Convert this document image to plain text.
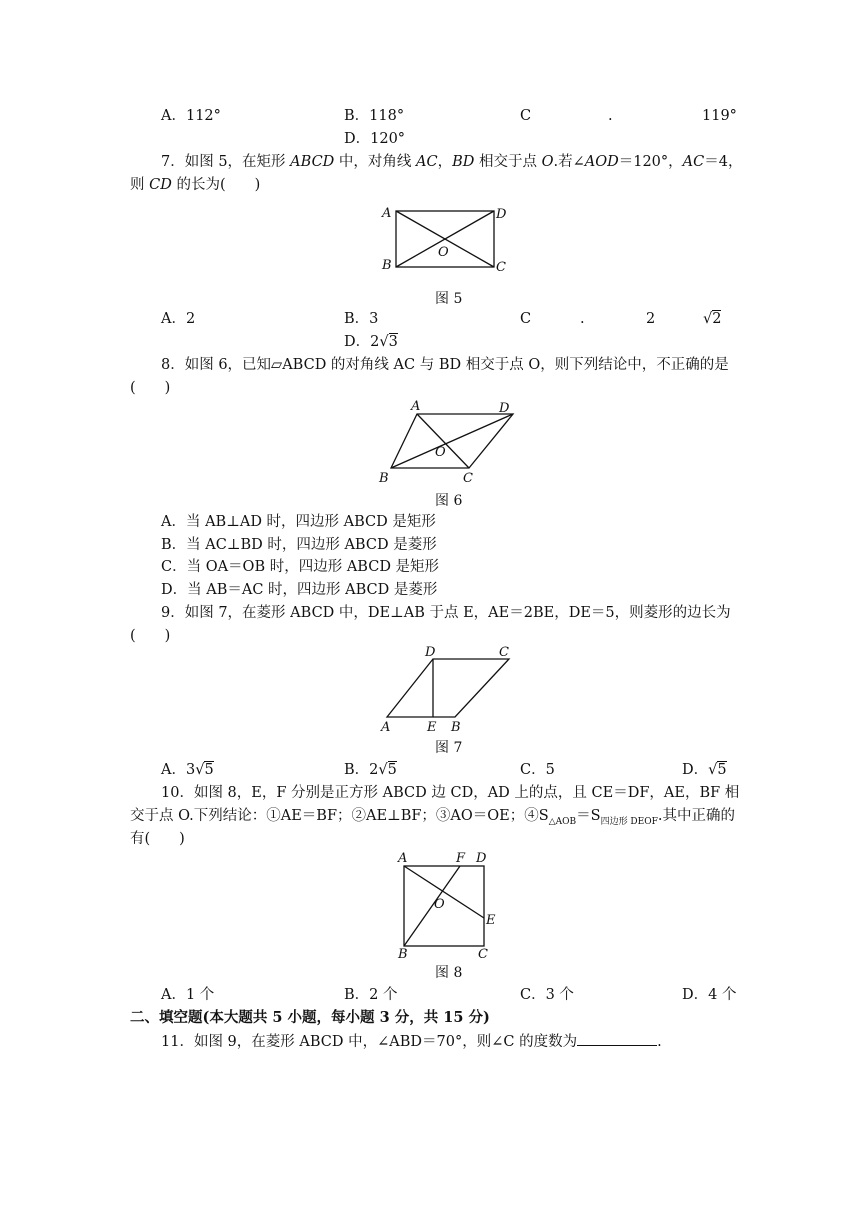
A．112°	B．118°	C	.	119°
D．120°
7．如图 5，在矩形 ABCD 中，对角线 AC，BD 相交于点 O.若∠AOD＝120°，AC＝4，
则 CD 的长为(　　)
A	D
B	C
O
图 5
A．2	B．3	C	.	2	√2
D．2√3
8．如图 6，已知▱ABCD 的对角线 AC 与 BD 相交于点 O，则下列结论中，不正确的是
(　　)
A	D
B	C
O
图 6
A．当 AB⊥AD 时，四边形 ABCD 是矩形
B．当 AC⊥BD 时，四边形 ABCD 是菱形
C．当 OA＝OB 时，四边形 ABCD 是矩形
D．当 AB＝AC 时，四边形 ABCD 是菱形
9．如图 7，在菱形 ABCD 中，DE⊥AB 于点 E，AE＝2BE，DE＝5，则菱形的边长为
(　　)
D	C
A	E B
图 7
A．3√5	B．2√5	C．5	D．√5
10．如图 8，E，F 分别是正方形 ABCD 边 CD，AD 上的点，且 CE＝DF，AE，BF 相
交于点 O.下列结论：①AE＝BF；②AE⊥BF；③AO＝OE；$④S_{\triangle AOB}=S_{四边形 DEOF}$.其中正确的
有(　　)
A	F D
E
O
B	C
图 8
A．1 个	B．2 个	C．3 个	D．4 个
二、填空题(本大题共 5 小题，每小题 3 分，共 15 分)
11．如图 9，在菱形 ABCD 中，∠ABD＝70°，则∠C 的度数为	.
